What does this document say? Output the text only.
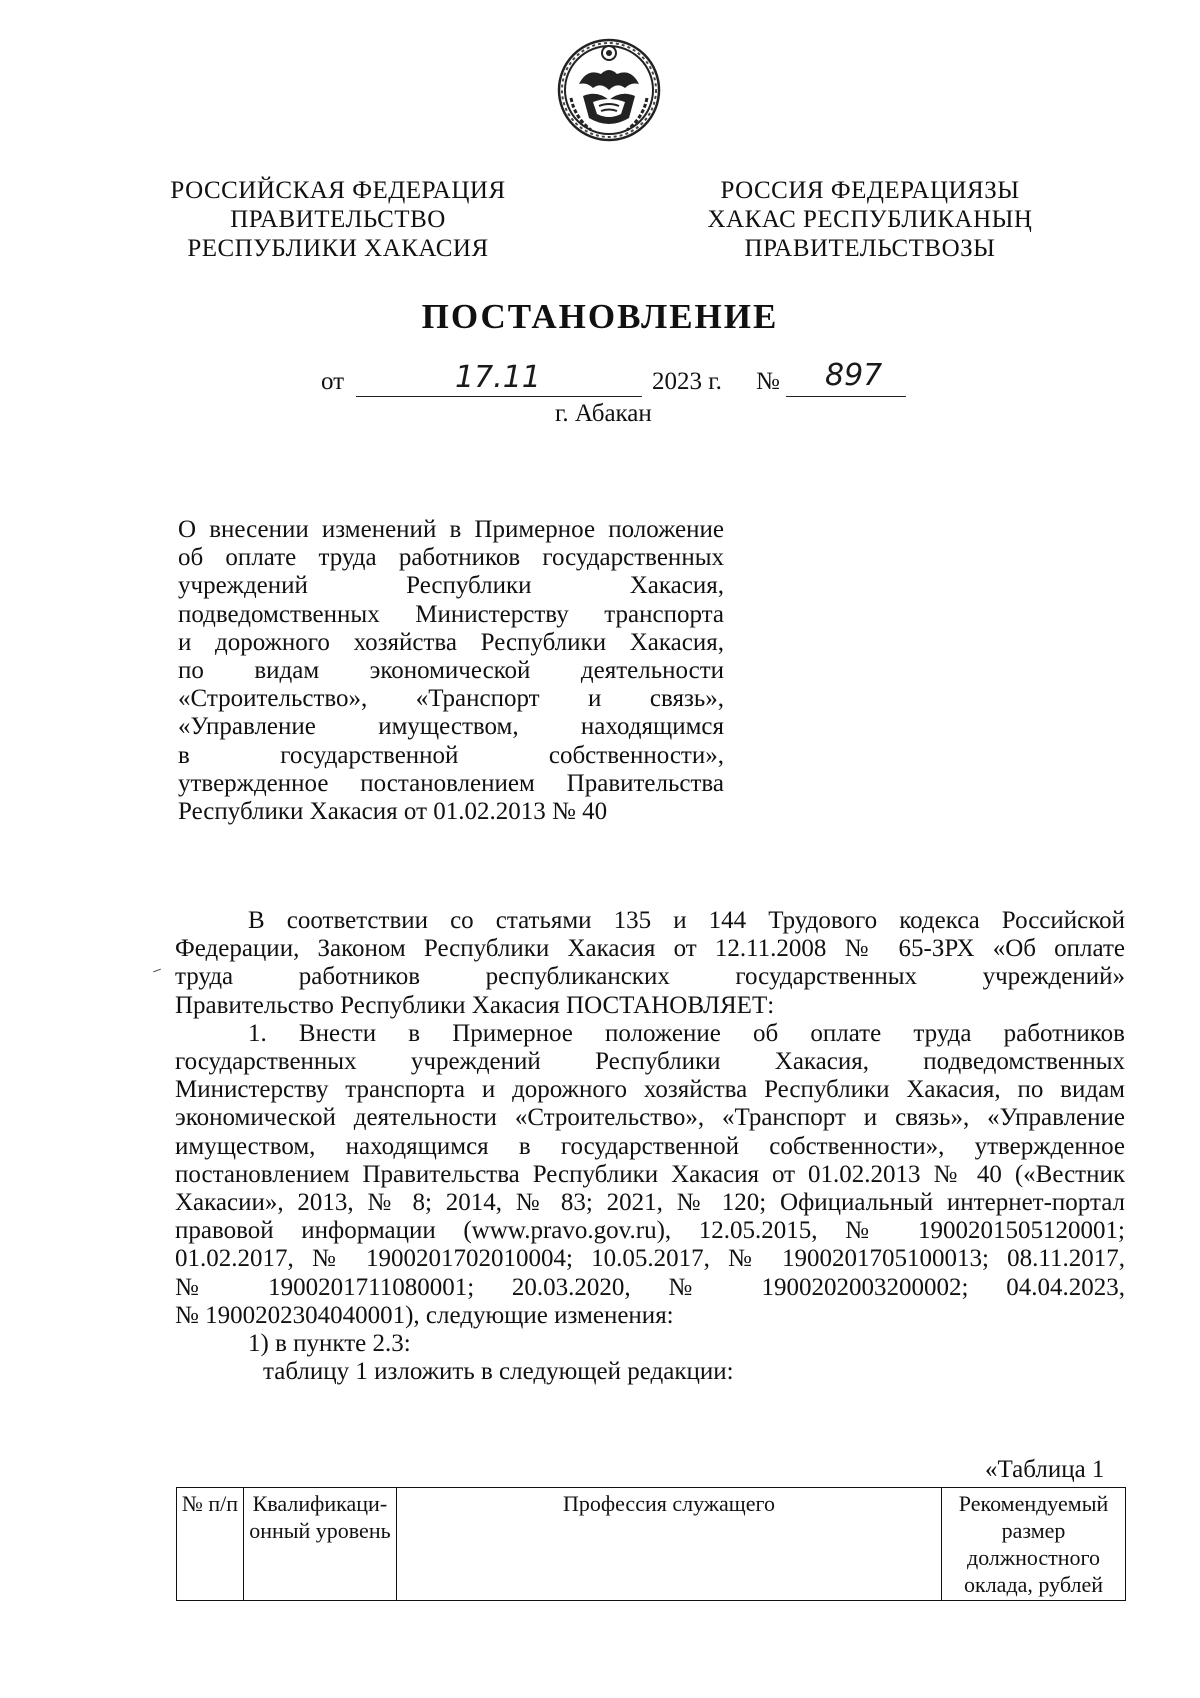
РОССИЙСКАЯ ФЕДЕРАЦИЯ
ПРАВИТЕЛЬСТВО
РЕСПУБЛИКИ ХАКАСИЯ
РОССИЯ ФЕДЕРАЦИЯЗЫ
ХАКАС РЕСПУБЛИКАНЫҢ
ПРАВИТЕЛЬСТВОЗЫ
ПОСТАНОВЛЕНИЕ
от	17.11	2023 г. № 897
г. Абакан
О внесении изменений в Примерное положение
об оплате труда работников государственных
учреждений Республики Хакасия,
подведомственных Министерству транспорта
и дорожного хозяйства Республики Хакасия,
по видам экономической деятельности
«Строительство», «Транспорт и связь»,
«Управление имуществом, находящимся
в государственной собственности»,
утвержденное постановлением Правительства
Республики Хакасия от 01.02.2013 № 40
В соответствии со статьями 135 и 144 Трудового кодекса Российской
Федерации, Законом Республики Хакасия от 12.11.2008 № 65-ЗРХ «Об оплате
труда работников республиканских государственных учреждений»
Правительство Республики Хакасия ПОСТАНОВЛЯЕТ:
1. Внести в Примерное положение об оплате труда работников
государственных учреждений Республики Хакасия, подведомственных
Министерству транспорта и дорожного хозяйства Республики Хакасия, по видам
экономической деятельности «Строительство», «Транспорт и связь», «Управление
имуществом, находящимся в государственной собственности», утвержденное
постановлением Правительства Республики Хакасия от 01.02.2013 № 40 («Вестник
Хакасии», 2013, № 8; 2014, № 83; 2021, № 120; Официальный интернет-портал
правовой информации (www.pravo.gov.ru), 12.05.2015, № 1900201505120001;
01.02.2017, № 1900201702010004; 10.05.2017, № 1900201705100013; 08.11.2017,
№ 1900201711080001; 20.03.2020, № 1900202003200002; 04.04.2023,
№ 1900202304040001), следующие изменения:
1) в пункте 2.3:
таблицу 1 изложить в следующей редакции:
«Таблица 1
№ п/п	Квалификаци-онный уровень	Профессия служащего	Рекомендуемый размер должностного оклада, рублей
